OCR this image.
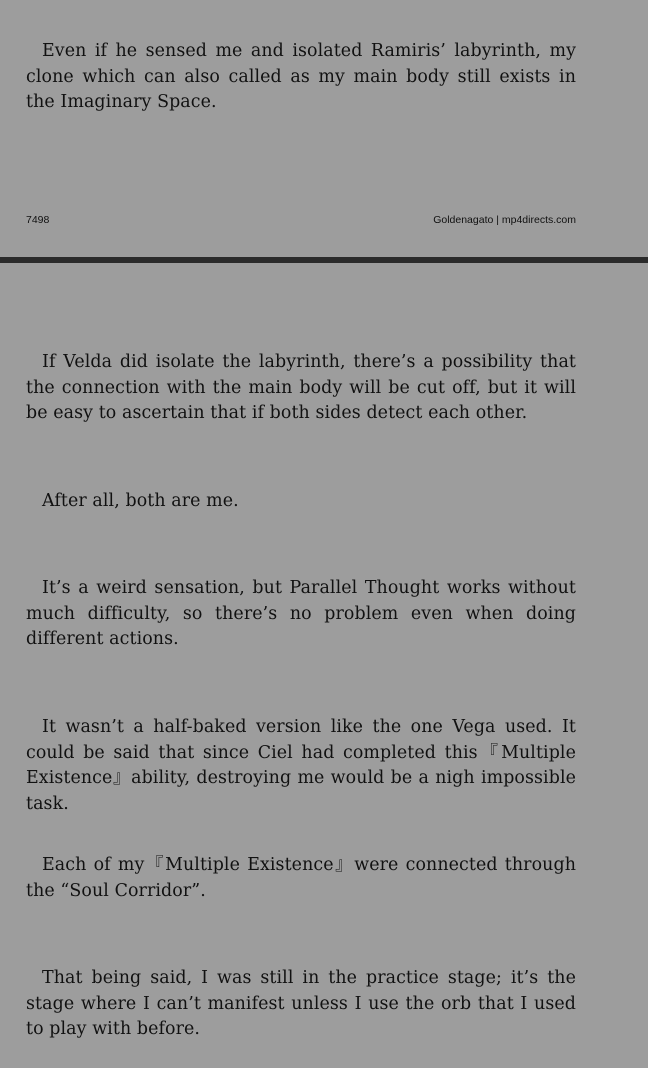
Even if he sensed me and isolated Ramiris’ labyrinth, my clone which can also called as my main body still exists in the Imaginary Space.

7498	Goldenagato | mp4directs.com

If Velda did isolate the labyrinth, there’s a possibility that the connection with the main body will be cut off, but it will be easy to ascertain that if both sides detect each other.

After all, both are me.

It’s a weird sensation, but Parallel Thought works without much difficulty, so there’s no problem even when doing different actions.

It wasn’t a half-baked version like the one Vega used. It could be said that since Ciel had completed this『Multiple Existence』ability, destroying me would be a nigh impossible task.

Each of my『Multiple Existence』were connected through the “Soul Corridor”.

That being said, I was still in the practice stage; it’s the stage where I can’t manifest unless I use the orb that I used to play with before.
